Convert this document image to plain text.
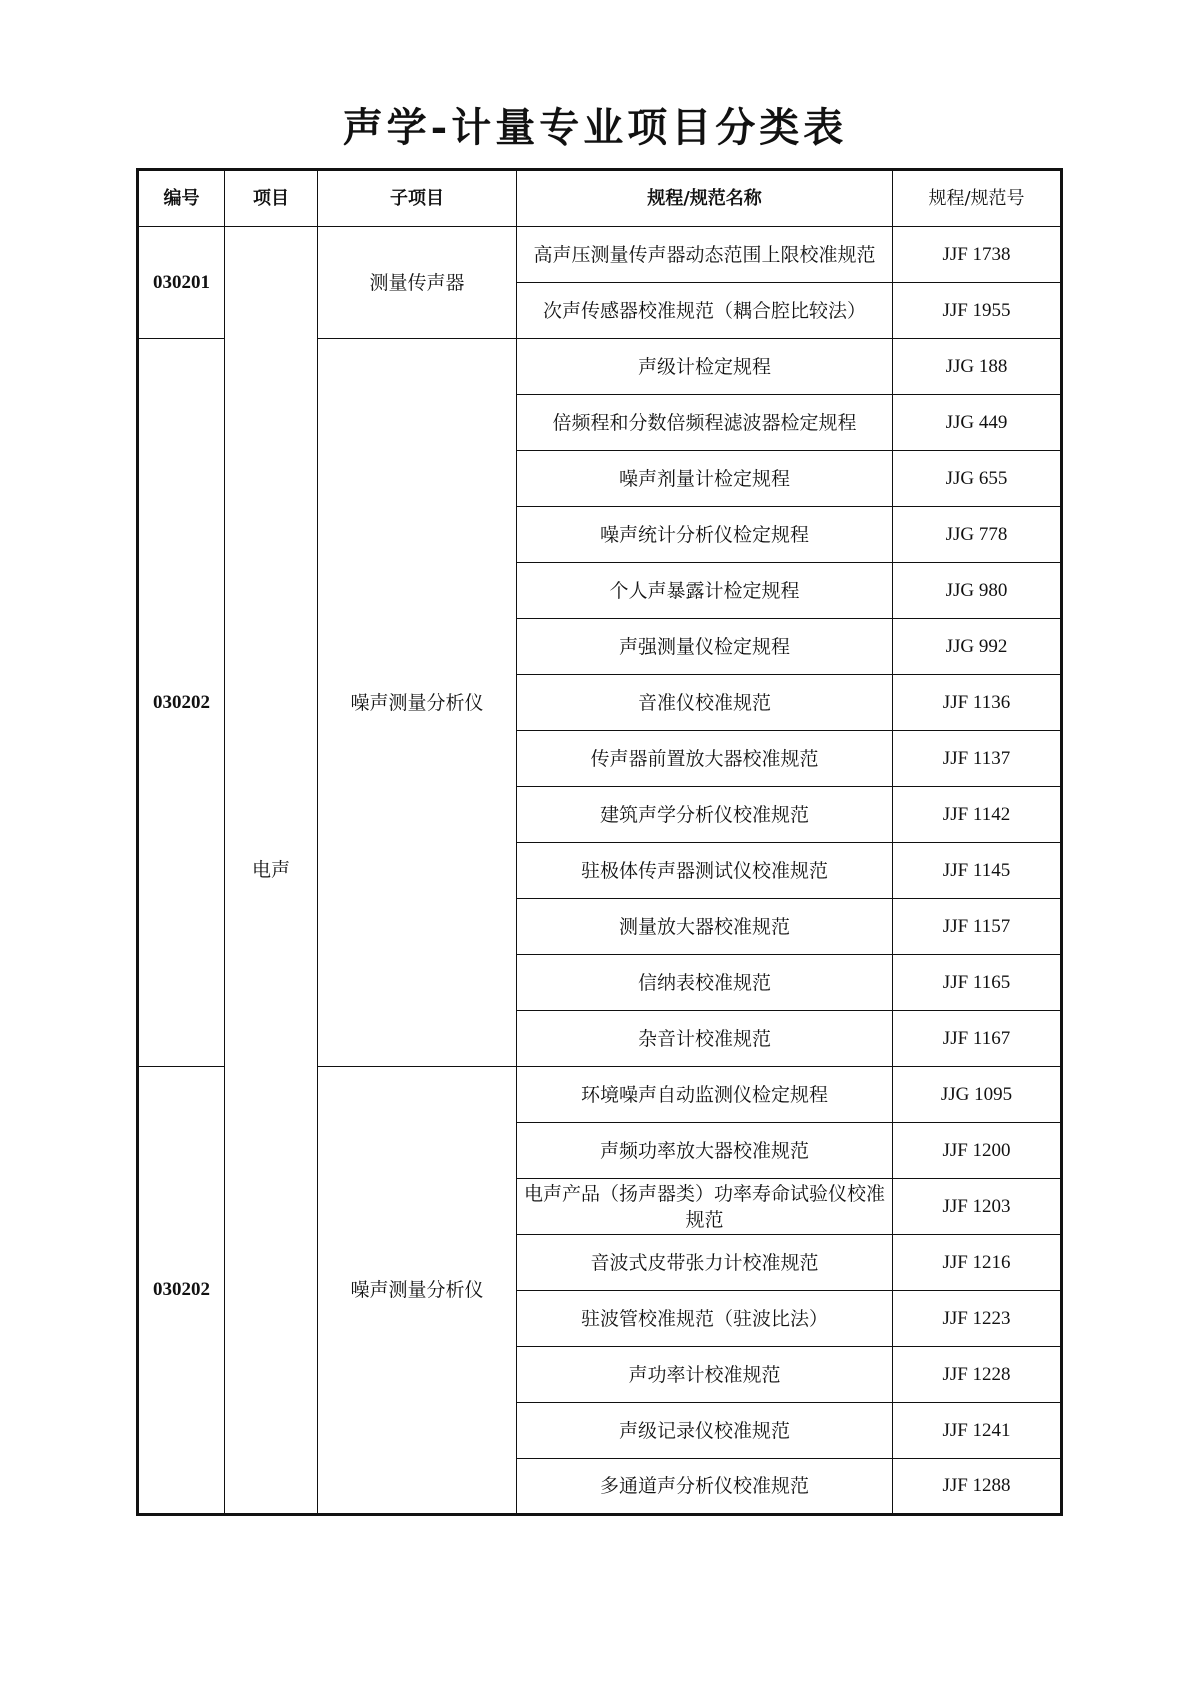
声学-计量专业项目分类表
编号	项目	子项目	规程/规范名称	规程/规范号
030201	电声	测量传声器	高声压测量传声器动态范围上限校准规范	JJF 1738
			次声传感器校准规范（耦合腔比较法）	JJF 1955
030202		噪声测量分析仪	声级计检定规程	JJG 188
			倍频程和分数倍频程滤波器检定规程	JJG 449
			噪声剂量计检定规程	JJG 655
			噪声统计分析仪检定规程	JJG 778
			个人声暴露计检定规程	JJG 980
			声强测量仪检定规程	JJG 992
			音准仪校准规范	JJF 1136
			传声器前置放大器校准规范	JJF 1137
			建筑声学分析仪校准规范	JJF 1142
			驻极体传声器测试仪校准规范	JJF 1145
			测量放大器校准规范	JJF 1157
			信纳表校准规范	JJF 1165
			杂音计校准规范	JJF 1167
030202		噪声测量分析仪	环境噪声自动监测仪检定规程	JJG 1095
			声频功率放大器校准规范	JJF 1200
			电声产品（扬声器类）功率寿命试验仪校准规范	JJF 1203
			音波式皮带张力计校准规范	JJF 1216
			驻波管校准规范（驻波比法）	JJF 1223
			声功率计校准规范	JJF 1228
			声级记录仪校准规范	JJF 1241
			多通道声分析仪校准规范	JJF 1288
